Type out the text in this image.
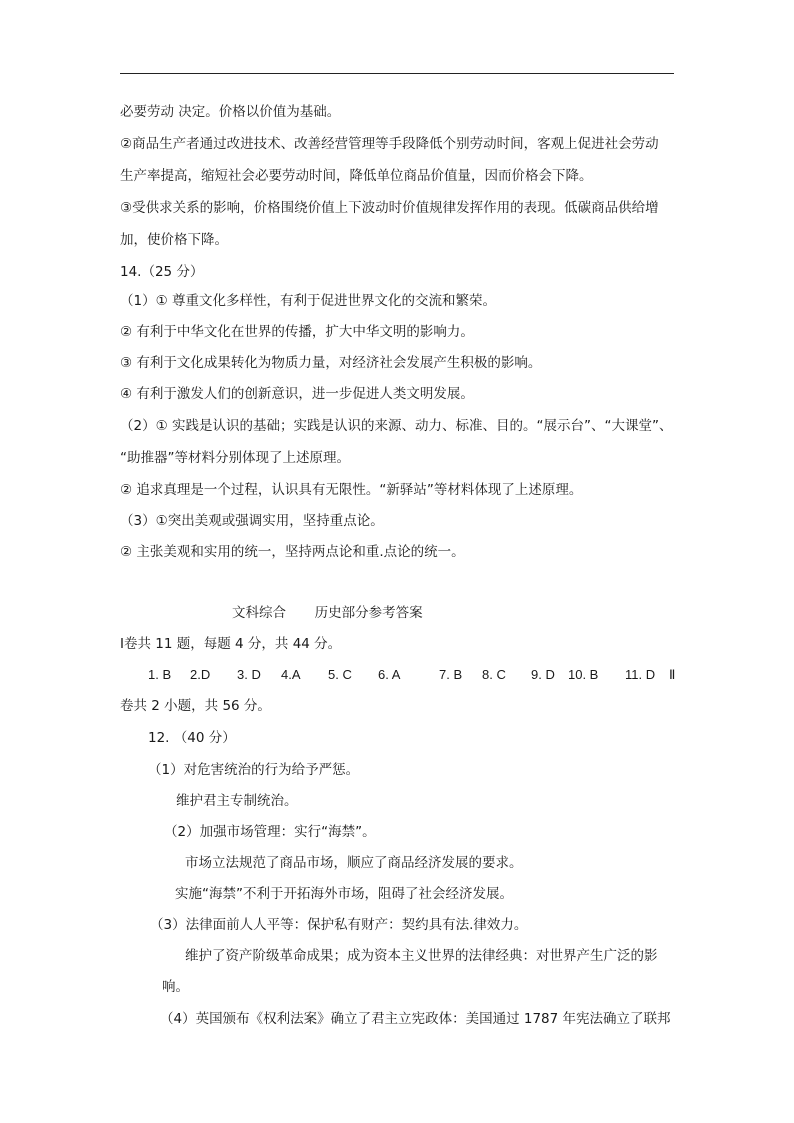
必要劳动 决定。价格以价值为基础。
②商品生产者通过改进技术、改善经营管理等手段降低个别劳动时间，客观上促进社会劳动
生产率提高，缩短社会必要劳动时间，降低单位商品价值量，因而价格会下降。
③受供求关系的影响，价格围绕价值上下波动时价值规律发挥作用的表现。低碳商品供给增
加，使价格下降。
14.（25 分）
（1）① 尊重文化多样性，有利于促进世界文化的交流和繁荣。
② 有利于中华文化在世界的传播，扩大中华文明的影响力。
③ 有利于文化成果转化为物质力量，对经济社会发展产生积极的影响。
④ 有利于激发人们的创新意识，进一步促进人类文明发展。
（2）① 实践是认识的基础；实践是认识的来源、动力、标准、目的。“展示台”、“大课堂”、
“助推器”等材料分别体现了上述原理。
② 追求真理是一个过程，认识具有无限性。“新驿站”等材料体现了上述原理。
（3）①突出美观或强调实用，坚持重点论。
② 主张美观和实用的统一，坚持两点论和重.点论的统一。
文科综合 历史部分参考答案
Ⅰ卷共 11 题，每题 4 分，共 44 分。
1. B 2.D 3. D 4.A 5. C 6. A	7. B 8. C 9. D 10. B 11. D Ⅱ
卷共 2 小题，共 56 分。
12. （40 分）
（1）对危害统治的行为给予严惩。
维护君主专制统治。
（2）加强市场管理：实行“海禁”。
市场立法规范了商品市场，顺应了商品经济发展的要求。
实施“海禁”不利于开拓海外市场，阻碍了社会经济发展。
（3）法律面前人人平等：保护私有财产：契约具有法.律效力。
维护了资产阶级革命成果；成为资本主义世界的法律经典：对世界产生广泛的影
响。
（4）英国颁布《权利法案》确立了君主立宪政体：美国通过 1787 年宪法确立了联邦
